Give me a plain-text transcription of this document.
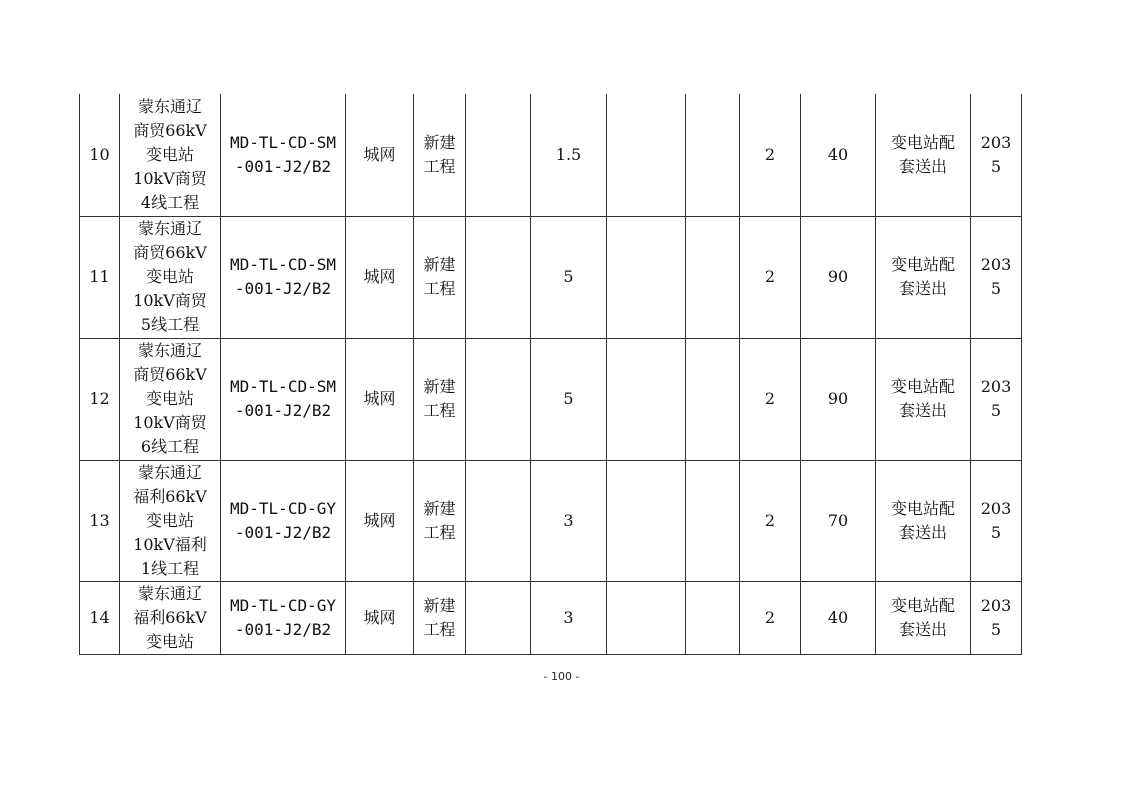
10	蒙东通辽
商贸66kV
变电站
10kV商贸
4线工程	MD-TL-CD-SM
-001-J2/B2	城网	新建
工程		1.5			2	40	变电站配
套送出	203
5

11	蒙东通辽
商贸66kV
变电站
10kV商贸
5线工程	MD-TL-CD-SM
-001-J2/B2	城网	新建
工程		5			2	90	变电站配
套送出	203
5

12	蒙东通辽
商贸66kV
变电站
10kV商贸
6线工程	MD-TL-CD-SM
-001-J2/B2	城网	新建
工程		5			2	90	变电站配
套送出	203
5

13	蒙东通辽
福利66kV
变电站
10kV福利
1线工程	MD-TL-CD-GY
-001-J2/B2	城网	新建
工程		3			2	70	变电站配
套送出	203
5

14	蒙东通辽
福利66kV
变电站	MD-TL-CD-GY
-001-J2/B2	城网	新建
工程		3			2	40	变电站配
套送出	203
5
- 100 -
